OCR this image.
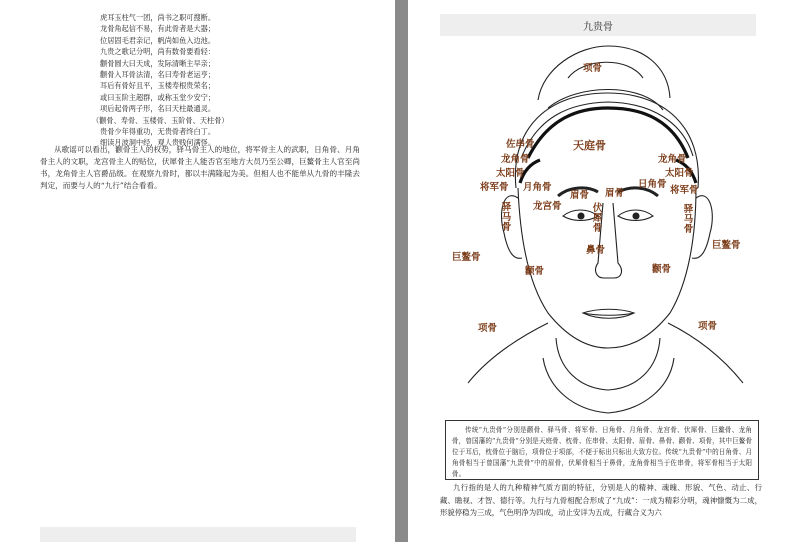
虎耳玉柱气一团，尚书之职可搜断。
龙骨角起信不易，有此骨者是大器；
位居固毛君亲记，帆尚如鱼入边池。
九贵之歌记分明，尚有数骨要看轻：
颧骨圆大曰天成，发际清晰主早亲；
颧骨入耳骨法清，名曰寿骨老运亨；
耳后有骨好且平，玉楼寿根贵荣名；
或曰玉阶主超群，或称玉堂少安宁；
项后起骨两子形，名曰天柱最通灵。
（颧骨、寿骨、玉楼骨、玉阶骨、天柱骨）
贵骨少年得重功，无贵骨者终白丁。
细读月波洞中经，观人贵贱何满怪。
从歌谣可以看出，颧骨主人的权势，驿马骨主人的地位，将军骨主人的武职，日角骨、月角骨主人的文职，龙宫骨主人的贴位，伏犀骨主人能否官至地方大员乃至公卿，巨鳌骨主人官至尚书，龙角骨主人官爵品级。在观察九骨时，都以丰满隆起为美。但相人也不能单从九骨的丰隆去判定，而要与人的“九行”结合看看。
九贵骨
项骨
天庭骨
佐串骨
龙角骨	龙角骨
太阳骨	太阳骨
将军骨	将军骨
月角骨	日角骨
眉骨 眉骨
龙宫骨	伏犀骨
驿马骨
驿马骨
巨鳌骨
巨鳌骨
鼻骨
颧骨	颧骨
项骨	项骨
传统“九贵骨”分别是颧骨、驿马骨、将军骨、日角骨、月角骨、龙宫骨、伏犀骨、巨鳌骨、龙角骨，曾国藩的“九贵骨”分别是天庭骨、枕骨、佐串骨、太阳骨、眉骨、鼻骨、颧骨、项骨，其中巨鳌骨位于耳后，枕骨位于脑后，项骨位于项部，不便于标出只标出大致方位。传统“九贵骨”中的日角骨、月角骨相当于曾国藩“九贵骨”中的眉骨，伏犀骨相当于鼻骨，龙角骨相当于佐串骨，将军骨相当于太阳骨。
九行指的是人的九种精神气质方面的特征，分别是人的精神、魂魄、形貌、气色、动止、行藏、瞻视、才智、德行等。九行与九骨相配合形成了“九成”：一成为精彩分明，魂神慷慨为二成，形貌停稳为三成，气色明净为四成，动止安详为五成，行藏合义为六
